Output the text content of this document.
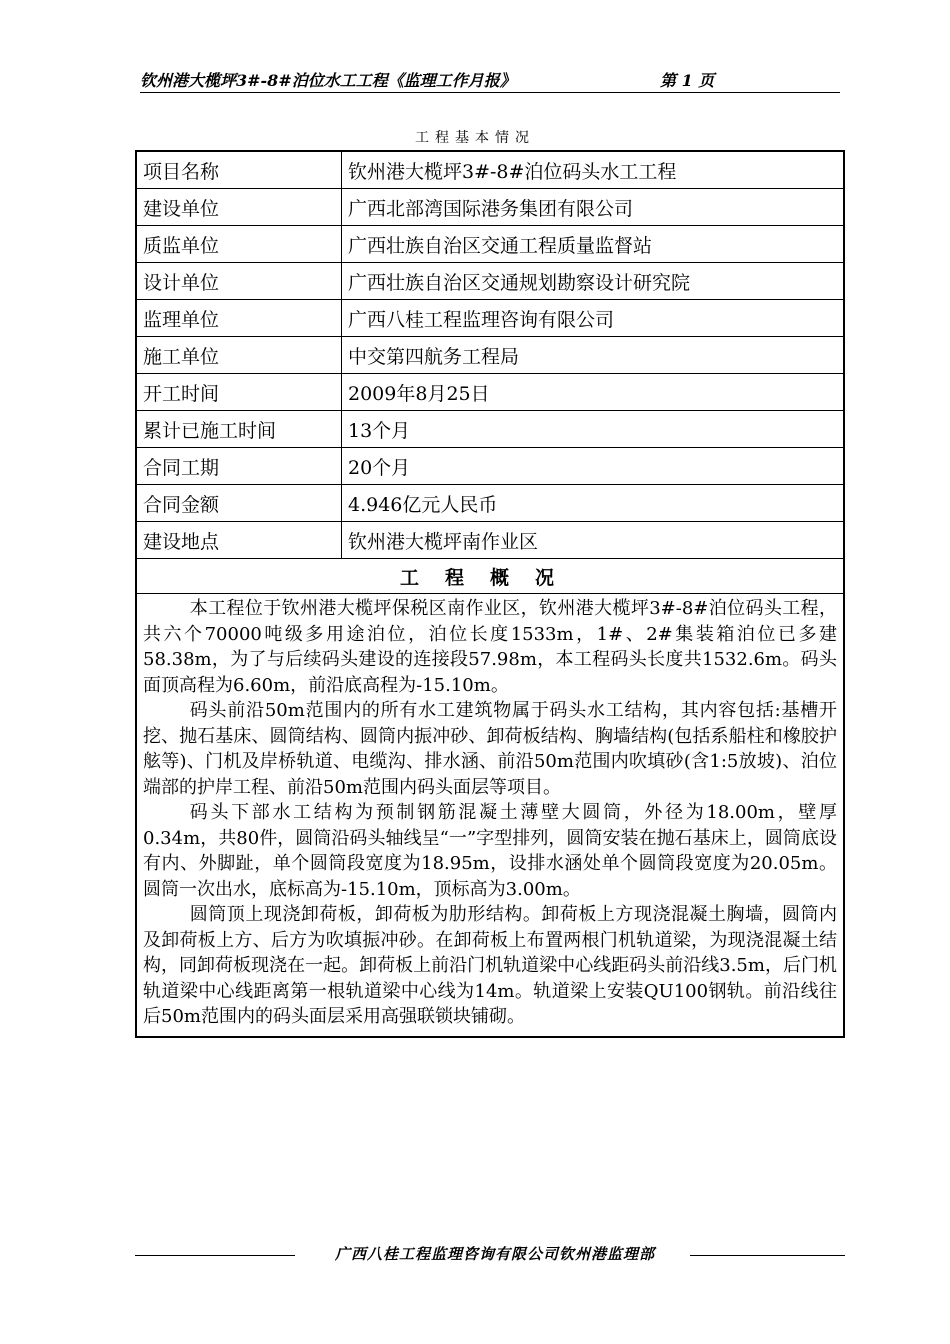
钦州港大榄坪3#-8#泊位水工工程《监理工作月报》	第 1 页
工程基本情况
项目名称	钦州港大榄坪3#-8#泊位码头水工工程
建设单位	广西北部湾国际港务集团有限公司
质监单位	广西壮族自治区交通工程质量监督站
设计单位	广西壮族自治区交通规划勘察设计研究院
监理单位	广西八桂工程监理咨询有限公司
施工单位	中交第四航务工程局
开工时间	2009年8月25日
累计已施工时间	13个月
合同工期	20个月
合同金额	4.946亿元人民币
建设地点	钦州港大榄坪南作业区
工程概况	

本工程位于钦州港大榄坪保税区南作业区，钦州港大榄坪3#-8#泊位码头工程，共六个70000吨级多用途泊位，泊位长度1533m，1#、2#集装箱泊位已多建58.38m，为了与后续码头建设的连接段57.98m，本工程码头长度共1532.6m。码头面顶高程为6.60m，前沿底高程为-15.10m。

码头前沿50m范围内的所有水工建筑物属于码头水工结构，其内容包括:基槽开挖、抛石基床、圆筒结构、圆筒内振冲砂、卸荷板结构、胸墙结构(包括系船柱和橡胶护舷等)、门机及岸桥轨道、电缆沟、排水涵、前沿50m范围内吹填砂(含1:5放坡)、泊位端部的护岸工程、前沿50m范围内码头面层等项目。

码头下部水工结构为预制钢筋混凝土薄壁大圆筒，外径为18.00m，壁厚0.34m，共80件，圆筒沿码头轴线呈“一”字型排列，圆筒安装在抛石基床上，圆筒底设有内、外脚趾，单个圆筒段宽度为18.95m，设排水涵处单个圆筒段宽度为20.05m。圆筒一次出水，底标高为-15.10m，顶标高为3.00m。

圆筒顶上现浇卸荷板，卸荷板为肋形结构。卸荷板上方现浇混凝土胸墙，圆筒内及卸荷板上方、后方为吹填振冲砂。在卸荷板上布置两根门机轨道梁，为现浇混凝土结构，同卸荷板现浇在一起。卸荷板上前沿门机轨道梁中心线距码头前沿线3.5m，后门机轨道梁中心线距离第一根轨道梁中心线为14m。轨道梁上安装QU100钢轨。前沿线往后50m范围内的码头面层采用高强联锁块铺砌。	

广西八桂工程监理咨询有限公司钦州港监理部
